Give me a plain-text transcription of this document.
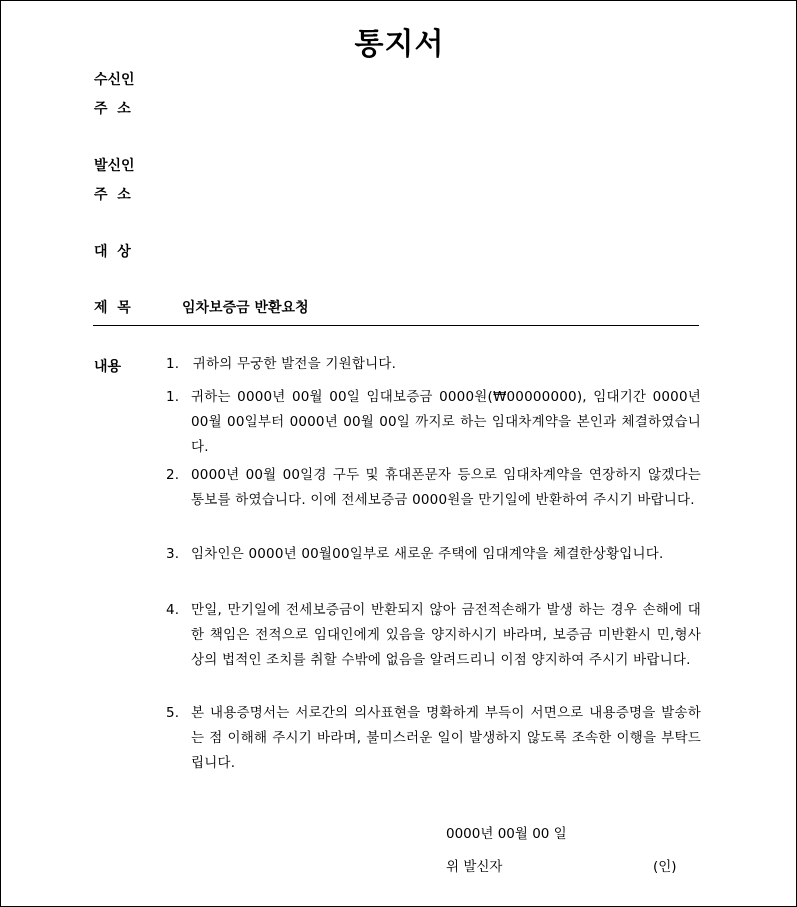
통지서
수신인
주  소
발신인
주  소
대  상
제  목	임차보증금 반환요청
내용	1. 귀하의 무궁한 발전을 기원합니다.
1. 귀하는 0000년 00월 00일 임대보증금 0000원(₩00000000), 임대기간 0000년 00월 00일부터 0000년 00월 00일 까지로 하는 임대차계약을 본인과 체결하였습니다.
2. 0000년 00월 00일경 구두 및 휴대폰문자 등으로 임대차계약을 연장하지 않겠다는 통보를 하였습니다. 이에 전세보증금 0000원을 만기일에 반환하여 주시기 바랍니다.
3. 임차인은 0000년 00월00일부로 새로운 주택에 임대계약을 체결한상황입니다.
4. 만일, 만기일에 전세보증금이 반환되지 않아 금전적손해가 발생 하는 경우 손해에 대한 책임은 전적으로 임대인에게 있음을 양지하시기 바라며, 보증금 미반환시 민,형사상의 법적인 조치를 취할 수밖에 없음을 알려드리니 이점 양지하여 주시기 바랍니다.
5. 본 내용증명서는 서로간의 의사표현을 명확하게 부득이 서면으로 내용증명을 발송하는 점 이해해 주시기 바라며, 불미스러운 일이 발생하지 않도록 조속한 이행을 부탁드립니다.
0000년 00월 00 일
위 발신자	(인)
